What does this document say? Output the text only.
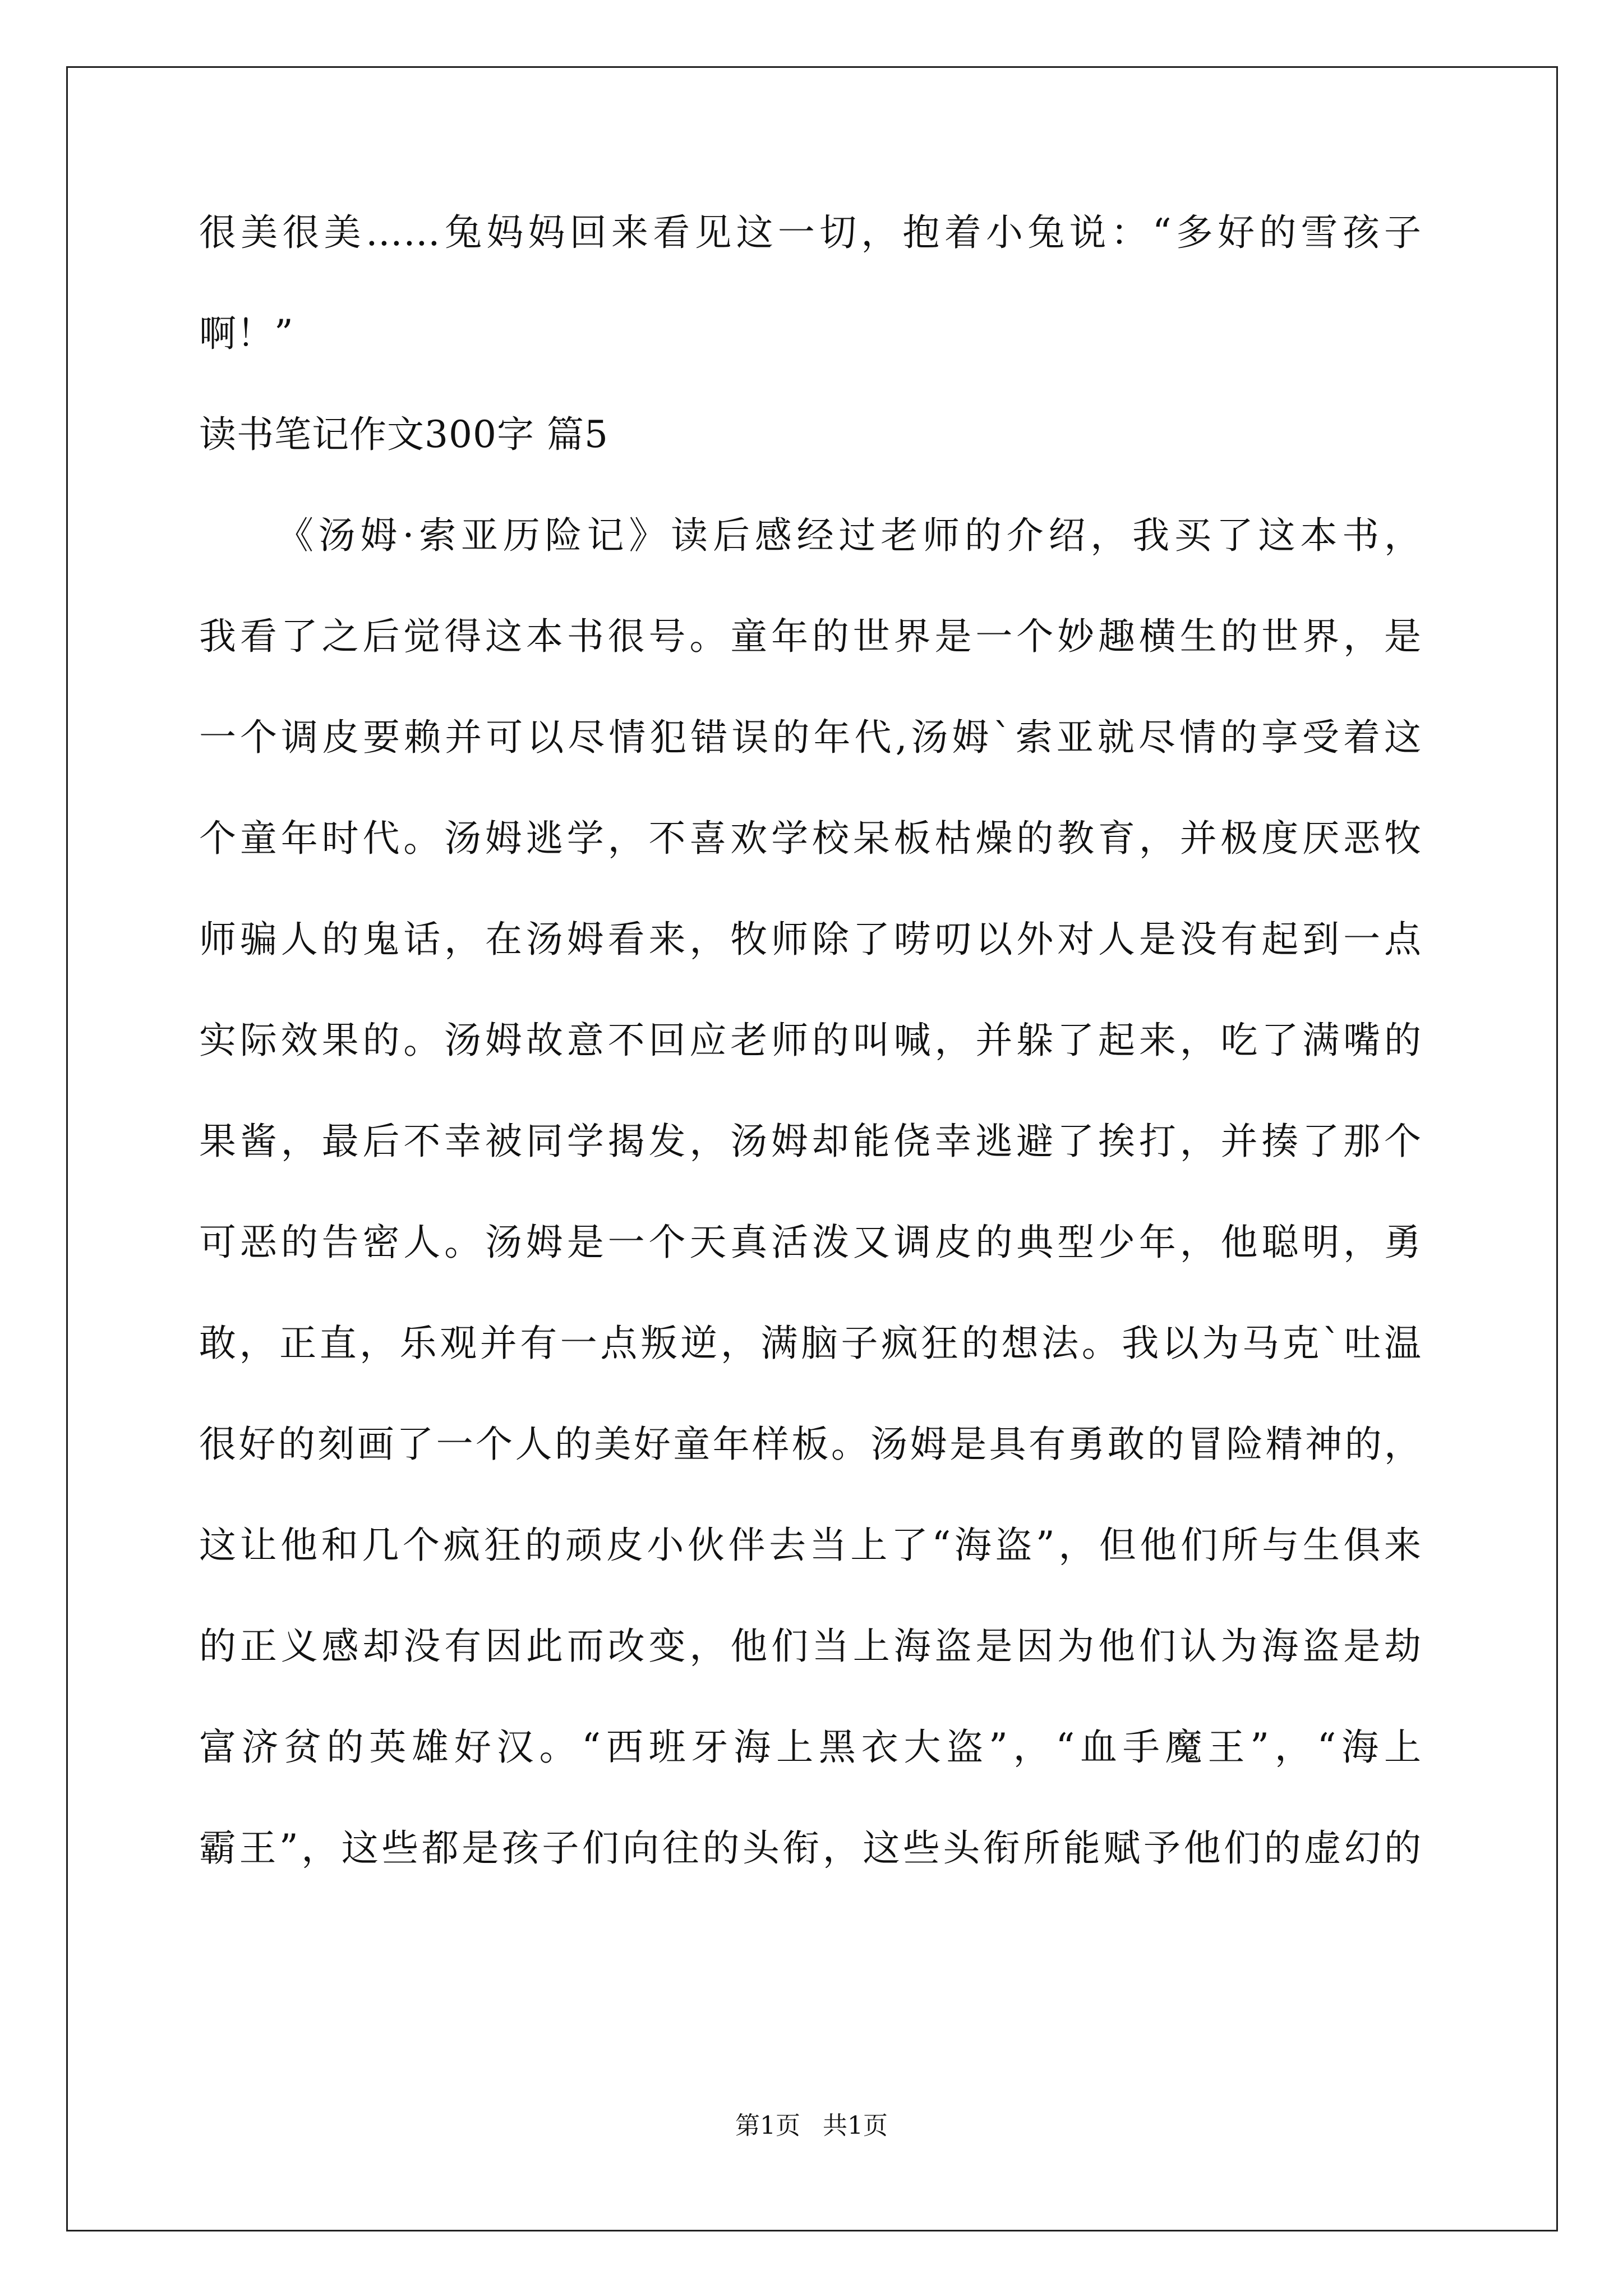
很美很美……兔妈妈回来看见这一切，抱着小兔说：“多好的雪孩子
啊！”
读书笔记作文300字 篇5
《汤姆·索亚历险记》读后感经过老师的介绍，我买了这本书，
我看了之后觉得这本书很号。童年的世界是一个妙趣横生的世界，是
一个调皮要赖并可以尽情犯错误的年代,汤姆`索亚就尽情的享受着这
个童年时代。汤姆逃学，不喜欢学校呆板枯燥的教育，并极度厌恶牧
师骗人的鬼话，在汤姆看来，牧师除了唠叨以外对人是没有起到一点
实际效果的。汤姆故意不回应老师的叫喊，并躲了起来，吃了满嘴的
果酱，最后不幸被同学揭发，汤姆却能侥幸逃避了挨打，并揍了那个
可恶的告密人。汤姆是一个天真活泼又调皮的典型少年，他聪明，勇
敢，正直，乐观并有一点叛逆，满脑子疯狂的想法。我以为马克`吐温
很好的刻画了一个人的美好童年样板。汤姆是具有勇敢的冒险精神的，
这让他和几个疯狂的顽皮小伙伴去当上了“海盗”，但他们所与生俱来
的正义感却没有因此而改变，他们当上海盗是因为他们认为海盗是劫
富济贫的英雄好汉。“西班牙海上黑衣大盗”，“血手魔王”，“海上
霸王”，这些都是孩子们向往的头衔，这些头衔所能赋予他们的虚幻的
第1页 共1页
